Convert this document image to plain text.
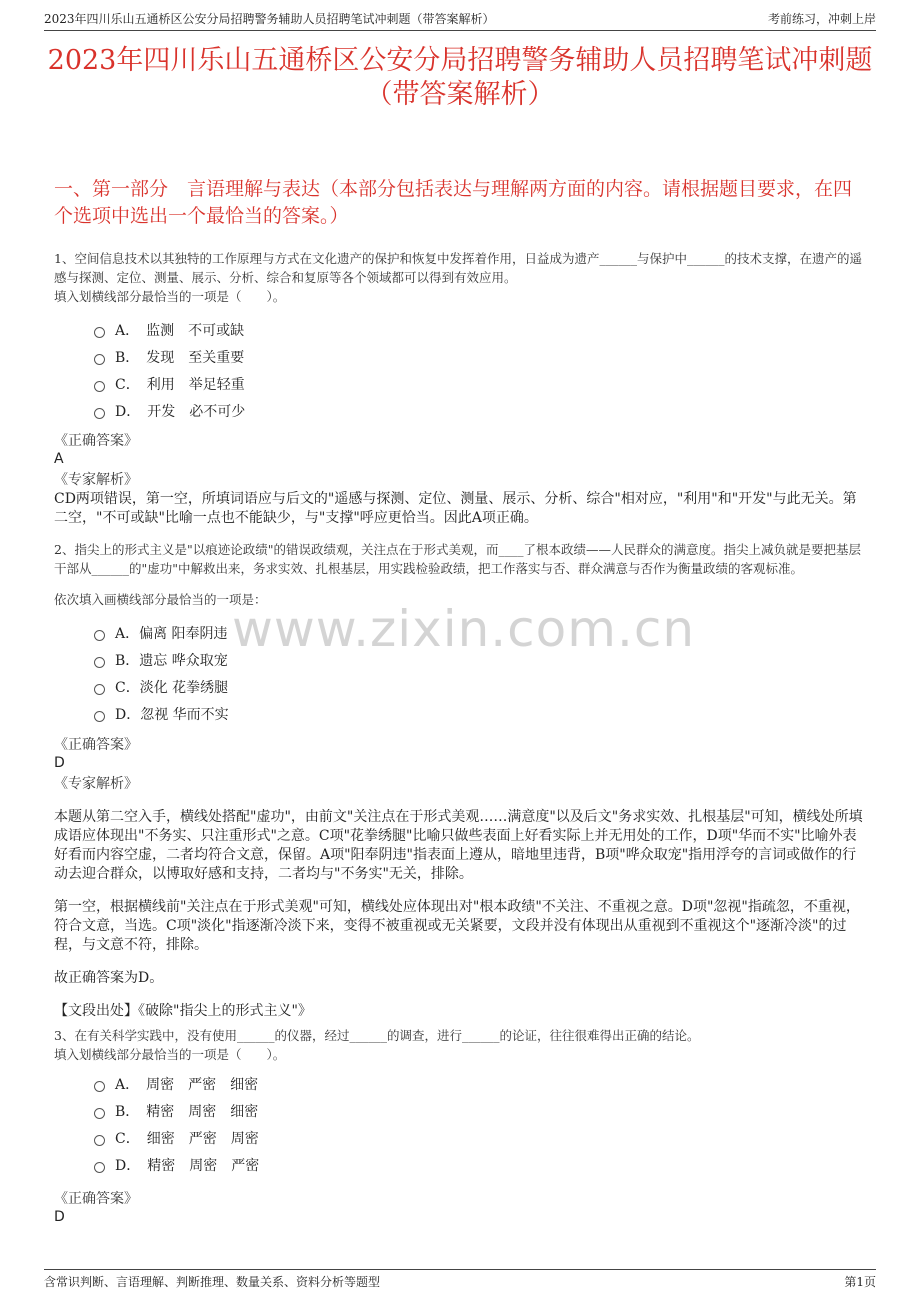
2023年四川乐山五通桥区公安分局招聘警务辅助人员招聘笔试冲刺题（带答案解析）	考前练习，冲刺上岸
2023年四川乐山五通桥区公安分局招聘警务辅助人员招聘笔试冲刺题（带答案解析）
一、第一部分　言语理解与表达（本部分包括表达与理解两方面的内容。请根据题目要求，在四个选项中选出一个最恰当的答案。）

1、空间信息技术以其独特的工作原理与方式在文化遗产的保护和恢复中发挥着作用，日益成为遗产______与保护中______的技术支撑，在遗产的遥感与探测、定位、测量、展示、分析、综合和复原等各个领域都可以得到有效应用。

填入划横线部分最恰当的一项是（　　）。

A．　监测　不可或缺
B．　发现　至关重要
C．　利用　举足轻重
D．　开发　必不可少
《正确答案》
A
《专家解析》

CD两项错误，第一空，所填词语应与后文的"遥感与探测、定位、测量、展示、分析、综合"相对应，"利用"和"开发"与此无关。第二空，"不可或缺"比喻一点也不能缺少，与"支撑"呼应更恰当。因此A项正确。

2、指尖上的形式主义是"以痕迹论政绩"的错误政绩观，关注点在于形式美观，而____了根本政绩——人民群众的满意度。指尖上减负就是要把基层干部从______的"虚功"中解救出来，务求实效、扎根基层，用实践检验政绩，把工作落实与否、群众满意与否作为衡量政绩的客观标准。

依次填入画横线部分最恰当的一项是：

A．偏离 阳奉阴违
B．遗忘 哗众取宠
C．淡化 花拳绣腿
D．忽视 华而不实
www.zixin.com.cn
《正确答案》
D
《专家解析》

本题从第二空入手，横线处搭配"虚功"，由前文"关注点在于形式美观……满意度"以及后文"务求实效、扎根基层"可知，横线处所填成语应体现出"不务实、只注重形式"之意。C项"花拳绣腿"比喻只做些表面上好看实际上并无用处的工作，D项"华而不实"比喻外表好看而内容空虚，二者均符合文意，保留。A项"阳奉阴违"指表面上遵从，暗地里违背，B项"哗众取宠"指用浮夸的言词或做作的行动去迎合群众，以博取好感和支持，二者均与"不务实"无关，排除。

第一空，根据横线前"关注点在于形式美观"可知，横线处应体现出对"根本政绩"不关注、不重视之意。D项"忽视"指疏忽，不重视，符合文意，当选。C项"淡化"指逐渐冷淡下来，变得不被重视或无关紧要，文段并没有体现出从重视到不重视这个"逐渐冷淡"的过程，与文意不符，排除。

故正确答案为D。

【文段出处】《破除"指尖上的形式主义"》

3、在有关科学实践中，没有使用______的仪器，经过______的调查，进行______的论证，往往很难得出正确的结论。

填入划横线部分最恰当的一项是（　　）。

A．　周密　严密　细密
B．　精密　周密　细密
C．　细密　严密　周密
D．　精密　周密　严密
《正确答案》
D
含常识判断、言语理解、判断推理、数量关系、资料分析等题型	第1页
